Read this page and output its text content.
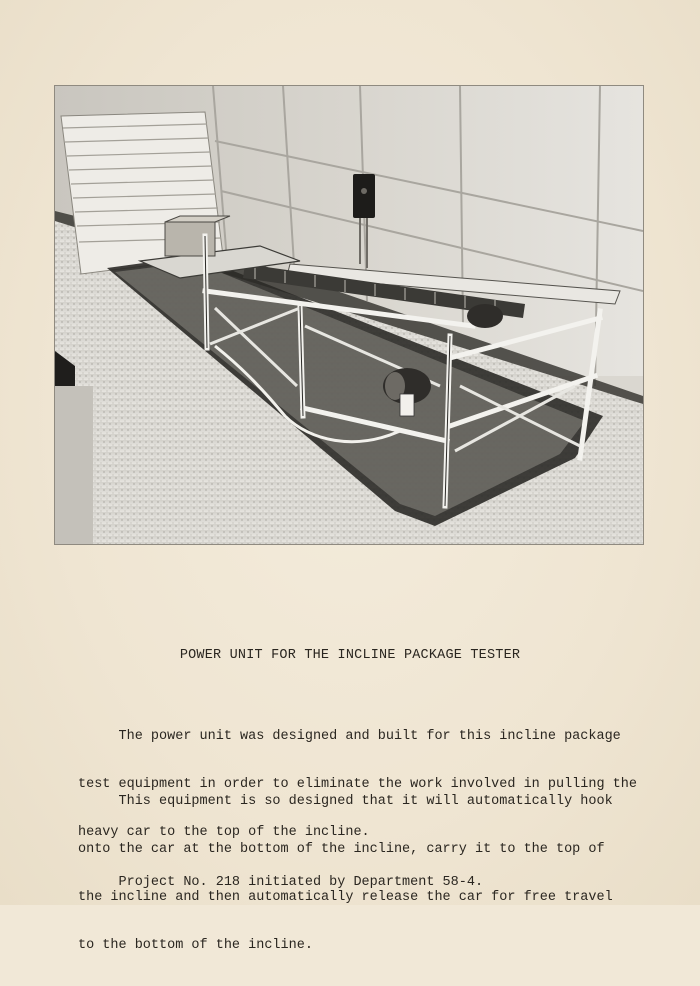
POWER UNIT FOR THE INCLINE PACKAGE TESTER

The power unit was designed and built for this incline package

test equipment in order to eliminate the work involved in pulling the

heavy car to the top of the incline.

This equipment is so designed that it will automatically hook

onto the car at the bottom of the incline, carry it to the top of

the incline and then automatically release the car for free travel

to the bottom of the incline.

Project No. 218 initiated by Department 58-4.
